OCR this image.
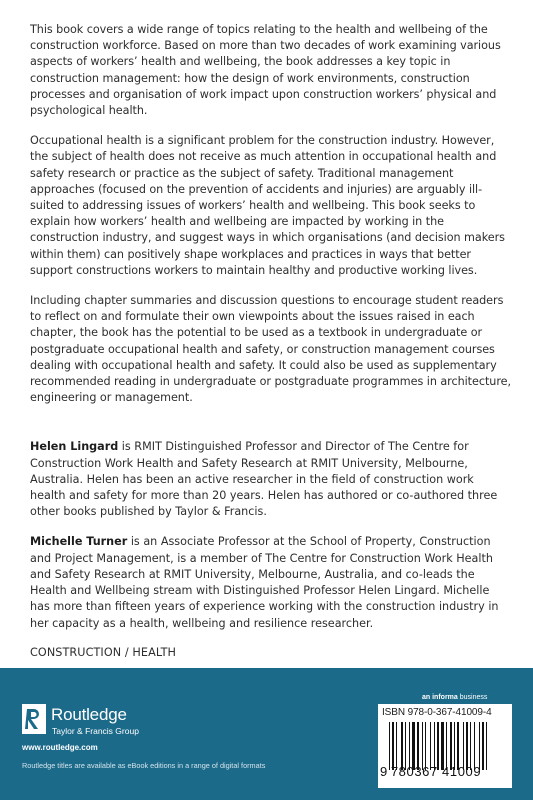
This book covers a wide range of topics relating to the health and wellbeing of the construction workforce. Based on more than two decades of work examining various aspects of workers’ health and wellbeing, the book addresses a key topic in construction management: how the design of work environments, construction processes and organisation of work impact upon construction workers’ physical and psychological health.

Occupational health is a significant problem for the construction industry. However, the subject of health does not receive as much attention in occupational health and safety research or practice as the subject of safety. Traditional management approaches (focused on the prevention of accidents and injuries) are arguably ill-suited to addressing issues of workers’ health and wellbeing. This book seeks to explain how workers’ health and wellbeing are impacted by working in the construction industry, and suggest ways in which organisations (and decision makers within them) can positively shape workplaces and practices in ways that better support constructions workers to maintain healthy and productive working lives.

Including chapter summaries and discussion questions to encourage student readers to reflect on and formulate their own viewpoints about the issues raised in each chapter, the book has the potential to be used as a textbook in undergraduate or postgraduate occupational health and safety, or construction management courses dealing with occupational health and safety. It could also be used as supplementary recommended reading in undergraduate or postgraduate programmes in architecture, engineering or management.

Helen Lingard is RMIT Distinguished Professor and Director of The Centre for Construction Work Health and Safety Research at RMIT University, Melbourne, Australia. Helen has been an active researcher in the field of construction work health and safety for more than 20 years. Helen has authored or co-authored three other books published by Taylor & Francis.

Michelle Turner is an Associate Professor at the School of Property, Construction and Project Management, is a member of The Centre for Construction Work Health and Safety Research at RMIT University, Melbourne, Australia, and co-leads the Health and Wellbeing stream with Distinguished Professor Helen Lingard. Michelle has more than fifteen years of experience working with the construction industry in her capacity as a health, wellbeing and resilience researcher.

CONSTRUCTION / HEALTH

Routledge
Taylor & Francis Group
www.routledge.com
Routledge titles are available as eBook editions in a range of digital formats
an informa business
ISBN 978-0-367-41009-4
9 780367 41009
